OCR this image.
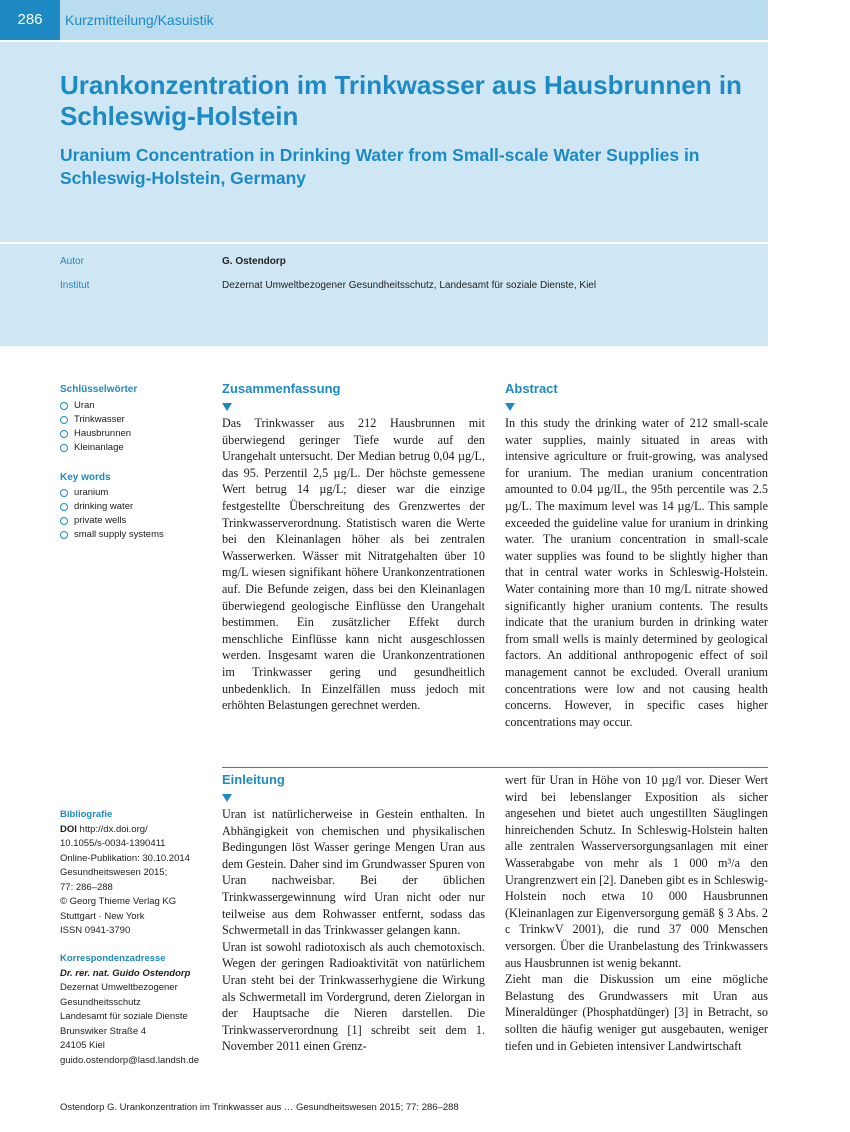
286	Kurzmitteilung/Kasuistik
Urankonzentration im Trinkwasser aus Hausbrunnen in Schleswig-Holstein
Uranium Concentration in Drinking Water from Small-scale Water Supplies in Schleswig-Holstein, Germany
Autor	G. Ostendorp
Institut	Dezernat Umweltbezogener Gesundheitsschutz, Landesamt für soziale Dienste, Kiel
Schlüsselwörter
Uran
Trinkwasser
Hausbrunnen
Kleinanlage
Key words
uranium
drinking water
private wells
small supply systems
Bibliografie
DOI http://dx.doi.org/
10.1055/s-0034-1390411
Online-Publikation: 30.10.2014
Gesundheitswesen 2015;
77: 286–288
© Georg Thieme Verlag KG
Stuttgart · New York
ISSN 0941-3790
Korrespondenzadresse
Dr. rer. nat. Guido Ostendorp
Dezernat Umweltbezogener
Gesundheitsschutz
Landesamt für soziale Dienste
Brunswiker Straße 4
24105 Kiel
guido.ostendorp@lasd.landsh.de
Zusammenfassung

Das Trinkwasser aus 212 Hausbrunnen mit überwiegend geringer Tiefe wurde auf den Urangehalt untersucht. Der Median betrug 0,04 µg/L, das 95. Perzentil 2,5 µg/L. Der höchste gemessene Wert betrug 14 µg/L; dieser war die einzige festgestellte Überschreitung des Grenzwertes der Trinkwasserverordnung. Statistisch waren die Werte bei den Kleinanlagen höher als bei zentralen Wasserwerken. Wässer mit Nitratgehalten über 10 mg/L wiesen signifikant höhere Urankonzentrationen auf. Die Befunde zeigen, dass bei den Kleinanlagen überwiegend geologische Einflüsse den Urangehalt bestimmen. Ein zusätzlicher Effekt durch menschliche Einflüsse kann nicht ausgeschlossen werden. Insgesamt waren die Urankonzentrationen im Trinkwasser gering und gesundheitlich unbedenklich. In Einzelfällen muss jedoch mit erhöhten Belastungen gerechnet werden.

Abstract

In this study the drinking water of 212 small-scale water supplies, mainly situated in areas with intensive agriculture or fruit-growing, was analysed for uranium. The median uranium concentration amounted to 0.04 µg/lL, the 95th percentile was 2.5 µg/L. The maximum level was 14 µg/L. This sample exceeded the guideline value for uranium in drinking water. The uranium concentration in small-scale water supplies was found to be slightly higher than that in central water works in Schleswig-Holstein. Water containing more than 10 mg/L nitrate showed significantly higher uranium contents. The results indicate that the uranium burden in drinking water from small wells is mainly determined by geological factors. An additional anthropogenic effect of soil management cannot be excluded. Overall uranium concentrations were low and not causing health concerns. However, in specific cases higher concentrations may occur.

Einleitung

Uran ist natürlicherweise in Gestein enthalten. In Abhängigkeit von chemischen und physikalischen Bedingungen löst Wasser geringe Mengen Uran aus dem Gestein. Daher sind im Grundwasser Spuren von Uran nachweisbar. Bei der üblichen Trinkwassergewinnung wird Uran nicht oder nur teilweise aus dem Rohwasser entfernt, sodass das Schwermetall in das Trinkwasser gelangen kann.

Uran ist sowohl radiotoxisch als auch chemotoxisch. Wegen der geringen Radioaktivität von natürlichem Uran steht bei der Trinkwasserhygiene die Wirkung als Schwermetall im Vordergrund, deren Zielorgan in der Hauptsache die Nieren darstellen. Die Trinkwasserverordnung [1] schreibt seit dem 1. November 2011 einen Grenz-

wert für Uran in Höhe von 10 µg/l vor. Dieser Wert wird bei lebenslanger Exposition als sicher angesehen und bietet auch ungestillten Säuglingen hinreichenden Schutz. In Schleswig-Holstein halten alle zentralen Wasserversorgungsanlagen mit einer Wasserabgabe von mehr als 1 000 m³/a den Urangrenzwert ein [2]. Daneben gibt es in Schleswig-Holstein noch etwa 10 000 Hausbrunnen (Kleinanlagen zur Eigenversorgung gemäß § 3 Abs. 2 c TrinkwV 2001), die rund 37 000 Menschen versorgen. Über die Uranbelastung des Trinkwassers aus Hausbrunnen ist wenig bekannt.

Zieht man die Diskussion um eine mögliche Belastung des Grundwassers mit Uran aus Mineraldünger (Phosphatdünger) [3] in Betracht, so sollten die häufig weniger gut ausgebauten, weniger tiefen und in Gebieten intensiver Landwirtschaft

Ostendorp G. Urankonzentration im Trinkwasser aus … Gesundheitswesen 2015; 77: 286–288
